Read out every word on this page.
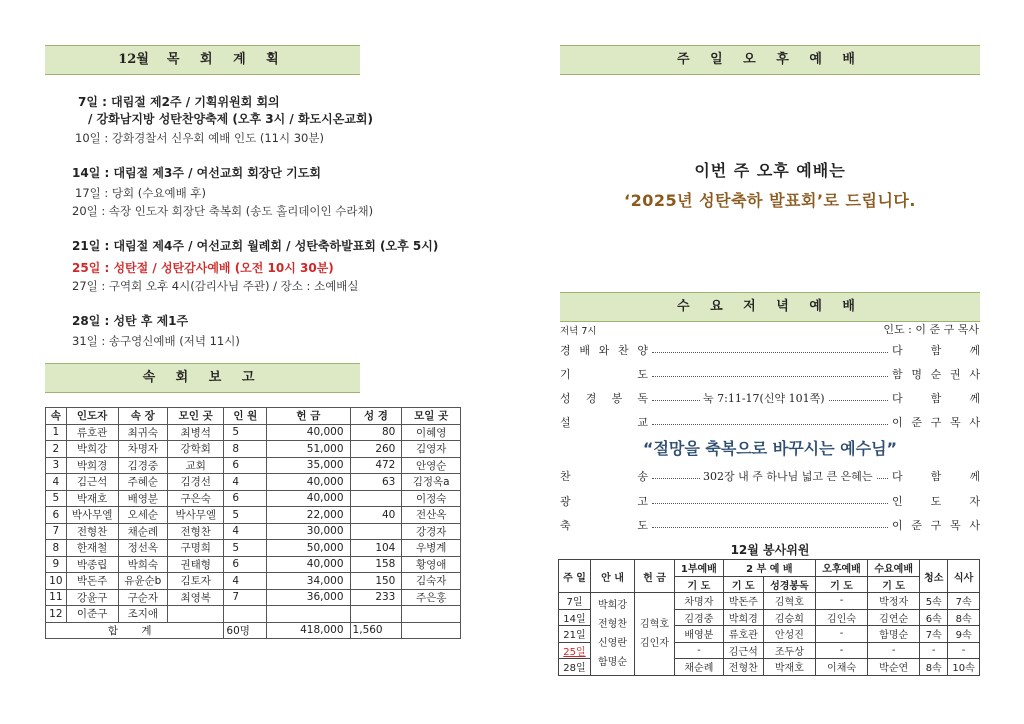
12월 목 회 계 획
7일 : 대림절 제2주 / 기획위원회 회의
/ 강화남지방 성탄찬양축제 (오후 3시 / 화도시온교회)
10일 : 강화경찰서 신우회 예배 인도 (11시 30분)
14일 : 대림절 제3주 / 여선교회 회장단 기도회
17일 : 당회 (수요예배 후)
20일 : 속장 인도자 회장단 축복회 (송도 홀리데이인 수라채)
21일 : 대림절 제4주 / 여선교회 월례회 / 성탄축하발표회 (오후 5시)
25일 : 성탄절 / 성탄감사예배 (오전 10시 30분)
27일 : 구역회 오후 4시(감리사님 주관) / 장소 : 소예배실
28일 : 성탄 후 제1주
31일 : 송구영신예배 (저녁 11시)
속 회 보 고
속	인도자	속 장	모인 곳	인 원	헌 금	성 경	모일 곳
1	류호관	최귀숙	최병석	5	40,000	80	이혜영
2	박희강	차명자	강학회	8	51,000	260	김영자
3	박희경	김경중	교회	6	35,000	472	안영순
4	김근석	주혜순	김경선	4	40,000	63	김정옥a
5	박재호	배영분	구은숙	6	40,000		이정숙
6	박사무엘	오세순	박사무엘	5	22,000	40	전산옥
7	전형찬	채순례	전형찬	4	30,000		강경자
8	한재철	정선옥	구명희	5	50,000	104	우병계
9	박종립	박희숙	권태형	6	40,000	158	황영애
10	박돈주	유윤순b	김토자	4	34,000	150	김숙자
11	강윤구	구순자	최영복	7	36,000	233	주은홍
12	이준구	조지애					
합 계				60명	418,000	1,560	
주 일 오 후 예 배
이번 주 오후 예배는
‘2025년 성탄축하 발표회’로 드립니다.
수 요 저 녁 예 배
저녁 7시	인도 : 이 준 구 목사
경 배 와 찬 양	다 함 께
기 도	함 명 순 권 사
성 경 봉 독	눅 7:11-17(신약 101쪽)	다 함 께
설 교	이 준 구 목 사
“절망을 축복으로 바꾸시는 예수님”
찬 송	302장 내 주 하나님 넓고 큰 은혜는 다 함 께
광 고	인 도 자
축 도	이 준 구 목 사
12월 봉사위원
주 일	안 내	헌 금	1부예배	2 부 예 배		오후예배	수요예배	청소	식사
			기 도	기 도	성경봉독	기 도	기 도		
7일	박희강 전형찬 신영란 함명순	김혁호 김인자	차명자	박돈주	김혁호	-	박정자	5속	7속
14일			김경중	박희경	김승희	김인숙	김연순	6속	8속
21일			배영분	류호관	안성진	-	함명순	7속	9속
25일			-	김근석	조두상	-	-	-	-
28일			채순례	전형찬	박재호	이채숙	박순연	8속	10속
